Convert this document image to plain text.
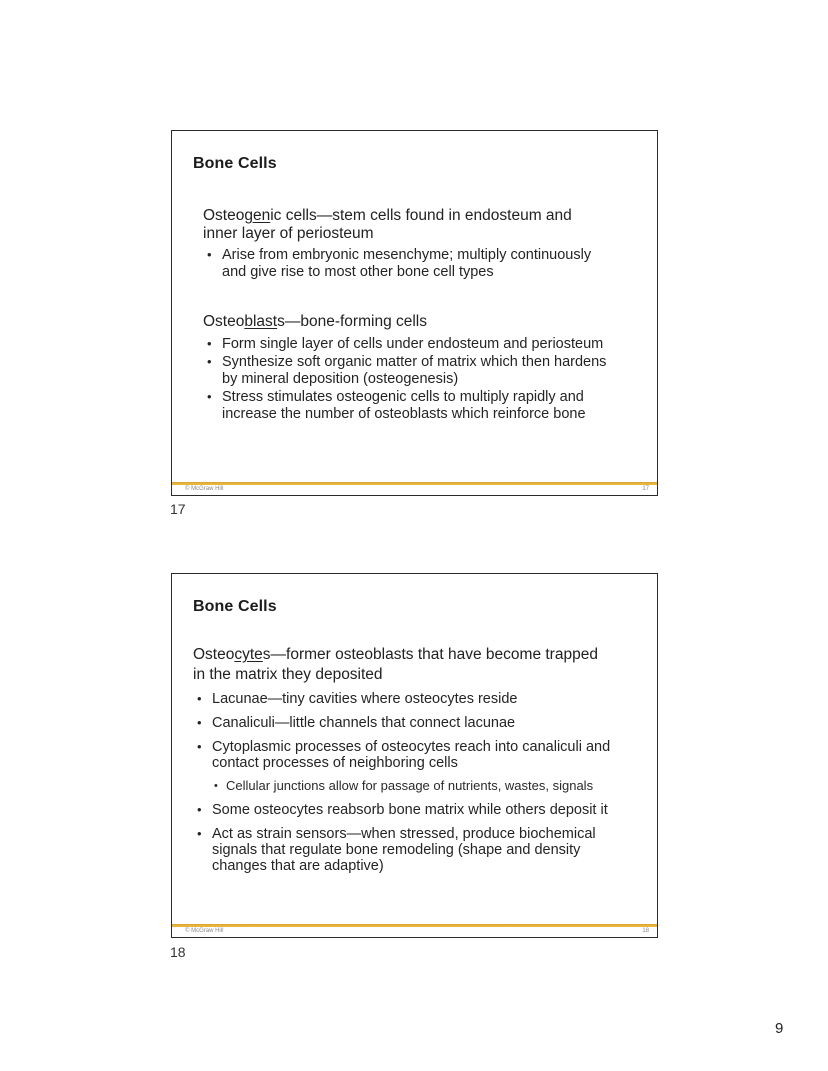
Bone Cells
Osteogenic cells—stem cells found in endosteum and inner layer of periosteum
• Arise from embryonic mesenchyme; multiply continuously and give rise to most other bone cell types
Osteoblasts—bone-forming cells
• Form single layer of cells under endosteum and periosteum
• Synthesize soft organic matter of matrix which then hardens by mineral deposition (osteogenesis)
• Stress stimulates osteogenic cells to multiply rapidly and increase the number of osteoblasts which reinforce bone
© McGraw Hill	17
17
Bone Cells
Osteocytes—former osteoblasts that have become trapped in the matrix they deposited
• Lacunae—tiny cavities where osteocytes reside
• Canaliculi—little channels that connect lacunae
• Cytoplasmic processes of osteocytes reach into canaliculi and contact processes of neighboring cells
• Cellular junctions allow for passage of nutrients, wastes, signals
• Some osteocytes reabsorb bone matrix while others deposit it
• Act as strain sensors—when stressed, produce biochemical signals that regulate bone remodeling (shape and density changes that are adaptive)
© McGraw Hill	18
18
9
